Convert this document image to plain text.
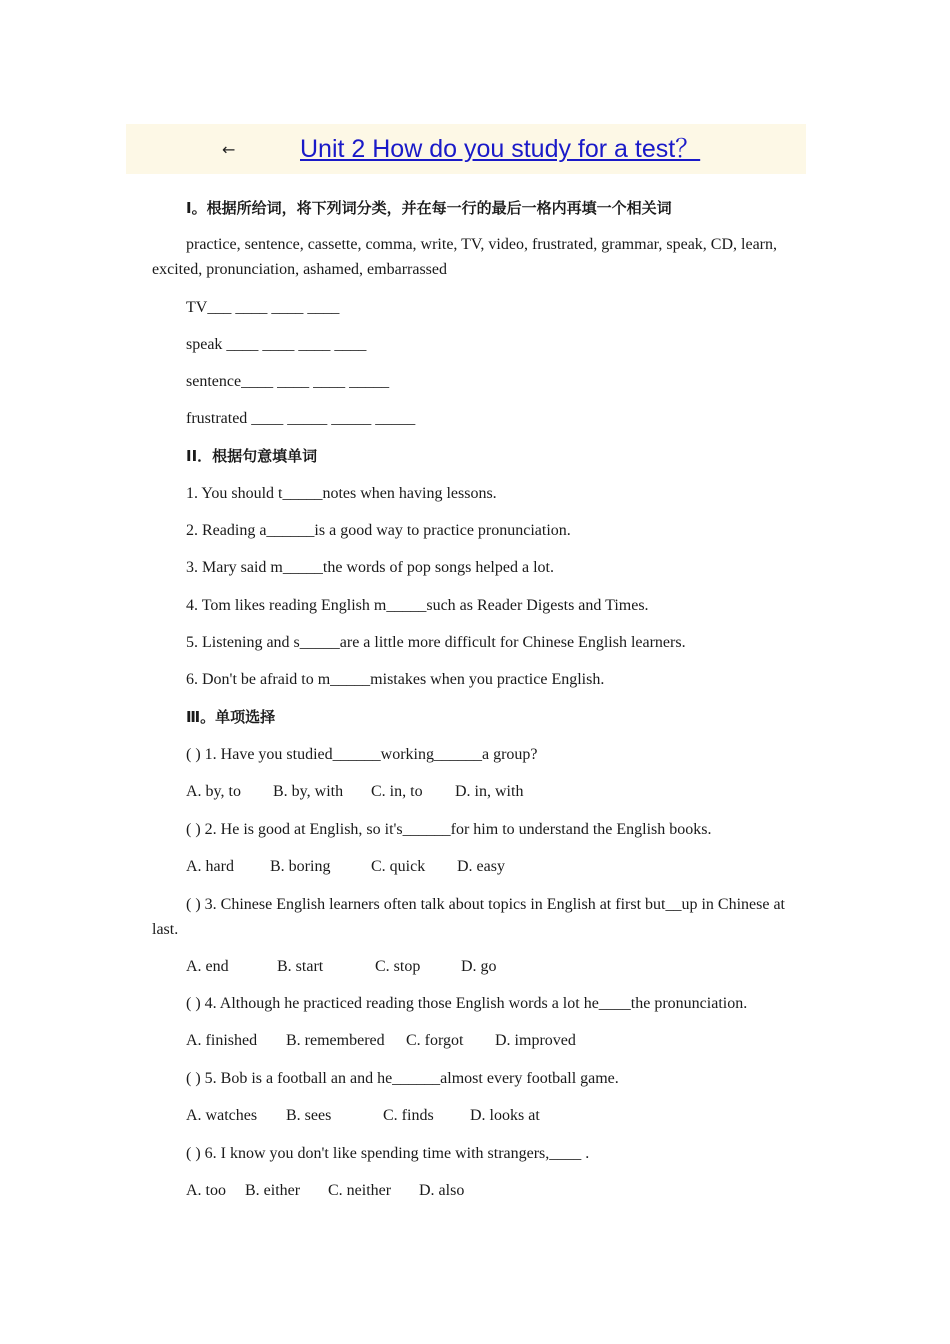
←	Unit 2 How do you study for a test？
Ⅰ。根据所给词，将下列词分类，并在每一行的最后一格内再填一个相关词
practice, sentence, cassette, comma, write, TV, video, frustrated, grammar, speak, CD, learn, excited, pronunciation, ashamed, embarrassed
TV___ ____ ____ ____
speak ____ ____ ____ ____
sentence____ ____ ____ _____
frustrated ____ _____ _____ _____
II．根据句意填单词
1. You should t_____notes when having lessons.
2. Reading a______is a good way to practice pronunciation.
3. Mary said m_____the words of pop songs helped a lot.
4. Tom likes reading English m_____such as Reader Digests and Times.
5. Listening and s_____are a little more difficult for Chinese English learners.
6. Don't be afraid to m_____mistakes when you practice English.
Ⅲ。单项选择
( ) 1. Have you studied______working______a group?
A. by, to B. by, with C. in, to D. in, with
( ) 2. He is good at English, so it's______for him to understand the English books.
A. hard B. boring	C. quick D. easy
( ) 3. Chinese English learners often talk about topics in English at first but__up in Chinese at last.
A. end	B. start	C. stop	D. go
( ) 4. Although he practiced reading those English words a lot he____the pronunciation.
A. finished B. remembered C. forgot D. improved
( ) 5. Bob is a football an and he______almost every football game.
A. watches B. sees	C. finds D. looks at
( ) 6. I know you don't like spending time with strangers,____ .
A. too B. either C. neither D. also
